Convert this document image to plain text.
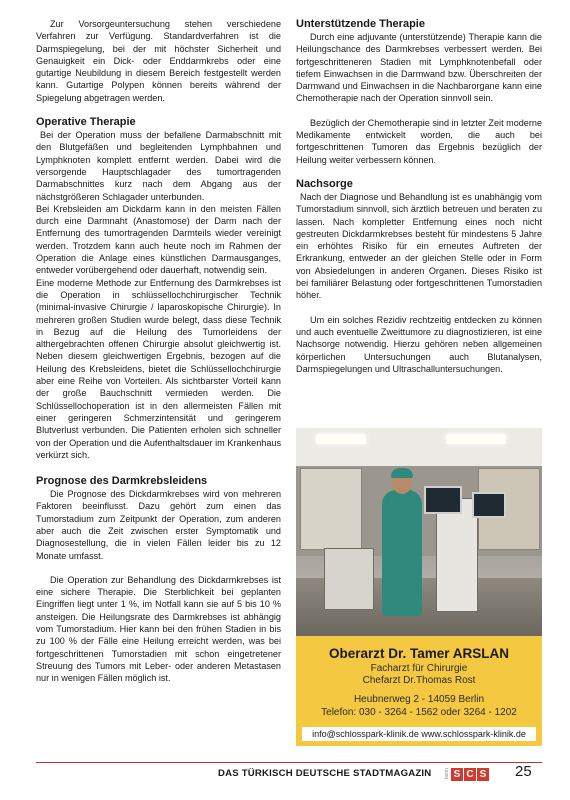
Zur Vorsorgeuntersuchung stehen verschiedene Verfahren zur Verfügung. Standardverfahren ist die Darmspiegelung, bei der mit höchster Sicherheit und Genauigkeit ein Dick- oder Enddarmkrebs oder eine gutartige Neubildung in diesem Bereich festgestellt werden kann. Gutartige Polypen können bereits während der Spiegelung abgetragen werden.

Operative Therapie

Bei der Operation muss der befallene Darmabschnitt mit den Blutgefäßen und begleitenden Lymphbahnen und Lymphknoten komplett entfernt werden. Dabei wird die versorgende Hauptschlagader des tumortragenden Darmabschnittes kurz nach dem Abgang aus der nächstgrößeren Schlagader unterbunden.

Bei Krebsleiden am Dickdarm kann in den meisten Fällen durch eine Darmnaht (Anastomose) der Darm nach der Entfernung des tumortragenden Darmteils wieder vereinigt werden. Trotzdem kann auch heute noch im Rahmen der Operation die Anlage eines künstlichen Darmausganges, entweder vorübergehend oder dauerhaft, notwendig sein.

Eine moderne Methode zur Entfernung des Darmkrebses ist die Operation in schlüssellochchirurgischer Technik (minimal-invasive Chirurgie / laparoskopische Chirurgie). In mehreren großen Studien wurde belegt, dass diese Technik in Bezug auf die Heilung des Tumorleidens der althergebrachten offenen Chirurgie absolut gleichwertig ist. Neben diesem gleichwertigen Ergebnis, bezogen auf die Heilung des Krebsleidens, bietet die Schlüssellochchirurgie aber eine Reihe von Vorteilen. Als sichtbarster Vorteil kann der große Bauchschnitt vermieden werden. Die Schlüssellochoperation ist in den allermeisten Fällen mit einer geringeren Schmerzintensität und geringerem Blutverlust verbunden. Die Patienten erholen sich schneller von der Operation und die Aufenthaltsdauer im Krankenhaus verkürzt sich.

Prognose des Darmkrebsleidens

Die Prognose des Dickdarmkrebses wird von mehreren Faktoren beeinflusst. Dazu gehört zum einen das Tumorstadium zum Zeitpunkt der Operation, zum anderen aber auch die Zeit zwischen erster Symptomatik und Diagnosestellung, die in vielen Fällen leider bis zu 12 Monate umfasst.

Die Operation zur Behandlung des Dickdarmkrebses ist eine sichere Therapie. Die Sterblichkeit bei geplanten Eingriffen liegt unter 1 %, im Notfall kann sie auf 5 bis 10 % ansteigen. Die Heilungsrate des Darmkrebses ist abhängig vom Tumorstadium. Hier kann bei den frühen Stadien in bis zu 100 % der Fälle eine Heilung erreicht werden, was bei fortgeschrittenen Tumorstadien mit schon eingetretener Streuung des Tumors mit Leber- oder anderen Metastasen nur in wenigen Fällen möglich ist.

Unterstützende Therapie

Durch eine adjuvante (unterstützende) Therapie kann die Heilungschance des Darmkrebses verbessert werden. Bei fortgeschritteneren Stadien mit Lymphknotenbefall oder tiefem Einwachsen in die Darmwand bzw. Überschreiten der Darmwand und Einwachsen in die Nachbarorgane kann eine Chemotherapie nach der Operation sinnvoll sein.

Bezüglich der Chemotherapie sind in letzter Zeit moderne Medikamente entwickelt worden, die auch bei fortgeschrittenen Tumoren das Ergebnis bezüglich der Heilung weiter verbessern können.

Nachsorge

Nach der Diagnose und Behandlung ist es unabhängig vom Tumorstadium sinnvoll, sich ärztlich betreuen und beraten zu lassen. Nach kompletter Entfernung eines noch nicht gestreuten Dickdarmkrebses besteht für mindestens 5 Jahre ein erhöhtes Risiko für ein erneutes Auftreten der Erkrankung, entweder an der gleichen Stelle oder in Form von Absiedelungen in anderen Organen. Dieses Risiko ist bei familiärer Belastung oder fortgeschrittenen Tumorstadien höher.

Um ein solches Rezidiv rechtzeitig entdecken zu können und auch eventuelle Zweittumore zu diagnostizieren, ist eine Nachsorge notwendig. Hierzu gehören neben allgemeinen körperlichen Untersuchungen auch Blutanalysen, Darmspiegelungen und Ultraschalluntersuchungen.

Oberarzt Dr. Tamer ARSLAN
Facharzt für Chirurgie
Chefarzt Dr.Thomas Rost
Heubnerweg 2 - 14059 Berlin
Telefon: 030 - 3264 - 1562 oder 3264 - 1202
info@schlosspark-klinik.de www.schlosspark-klinik.de
DAS TÜRKISCH DEUTSCHE STADTMAGAZIN	bonn S C S 25
